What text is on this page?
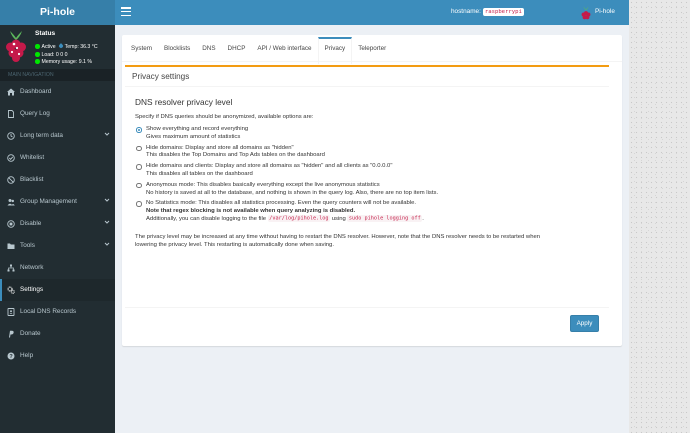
Pi-hole	hostname: raspberrypi	Pi-hole
Status
Active Temp: 36.3 °C
Load: 0 0 0
Memory usage: 9.1 %
MAIN NAVIGATION
Dashboard
Query Log
Long term data
Whitelist
Blacklist
Group Management
Disable
Tools
Network
Settings
Local DNS Records
Donate
? Help
System	Blocklists	DNS	DHCP	API / Web interface	Privacy	Teleporter
Privacy settings
DNS resolver privacy level

Specify if DNS queries should be anonymized, available options are:

Show everything and record everything
Gives maximum amount of statistics
Hide domains: Display and store all domains as "hidden"
This disables the Top Domains and Top Ads tables on the dashboard
Hide domains and clients: Display and store all domains as "hidden" and all clients as "0.0.0.0"
This disables all tables on the dashboard
Anonymous mode: This disables basically everything except the live anonymous statistics
No history is saved at all to the database, and nothing is shown in the query log. Also, there are no top item lists.
No Statistics mode: This disables all statistics processing. Even the query counters will not be available.
Note that regex blocking is not available when query analyzing is disabled.
Additionally, you can disable logging to the file /var/log/pihole.log using sudo pihole logging off .

The privacy level may be increased at any time without having to restart the DNS resolver. However, note that the DNS resolver needs to be restarted when

lowering the privacy level. This restarting is automatically done when saving.

Apply
